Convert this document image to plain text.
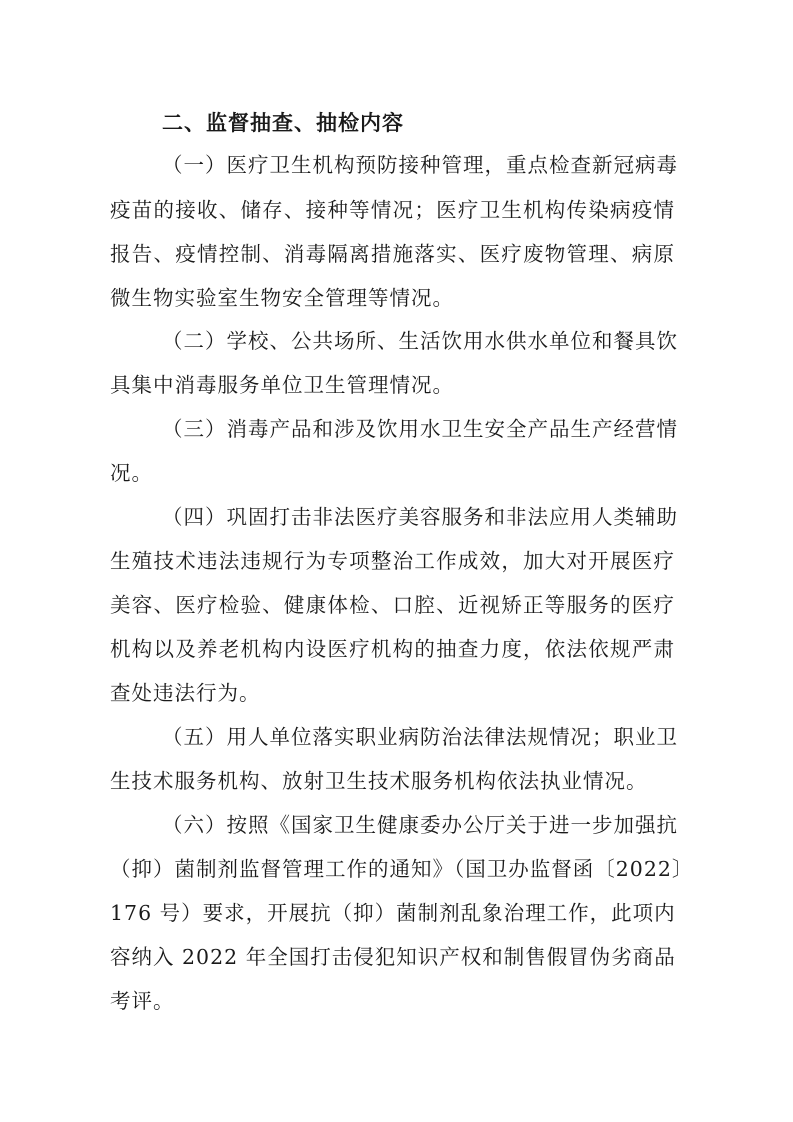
二、监督抽查、抽检内容
（一）医疗卫生机构预防接种管理，重点检查新冠病毒
疫苗的接收、储存、接种等情况；医疗卫生机构传染病疫情
报告、疫情控制、消毒隔离措施落实、医疗废物管理、病原
微生物实验室生物安全管理等情况。
（二）学校、公共场所、生活饮用水供水单位和餐具饮
具集中消毒服务单位卫生管理情况。
（三）消毒产品和涉及饮用水卫生安全产品生产经营情
况。
（四）巩固打击非法医疗美容服务和非法应用人类辅助
生殖技术违法违规行为专项整治工作成效，加大对开展医疗
美容、医疗检验、健康体检、口腔、近视矫正等服务的医疗
机构以及养老机构内设医疗机构的抽查力度，依法依规严肃
查处违法行为。
（五）用人单位落实职业病防治法律法规情况；职业卫
生技术服务机构、放射卫生技术服务机构依法执业情况。
（六）按照《国家卫生健康委办公厅关于进一步加强抗
（抑）菌制剂监督管理工作的通知》（国卫办监督函〔2022〕
176 号）要求，开展抗（抑）菌制剂乱象治理工作，此项内
容纳入 2022 年全国打击侵犯知识产权和制售假冒伪劣商品
考评。
